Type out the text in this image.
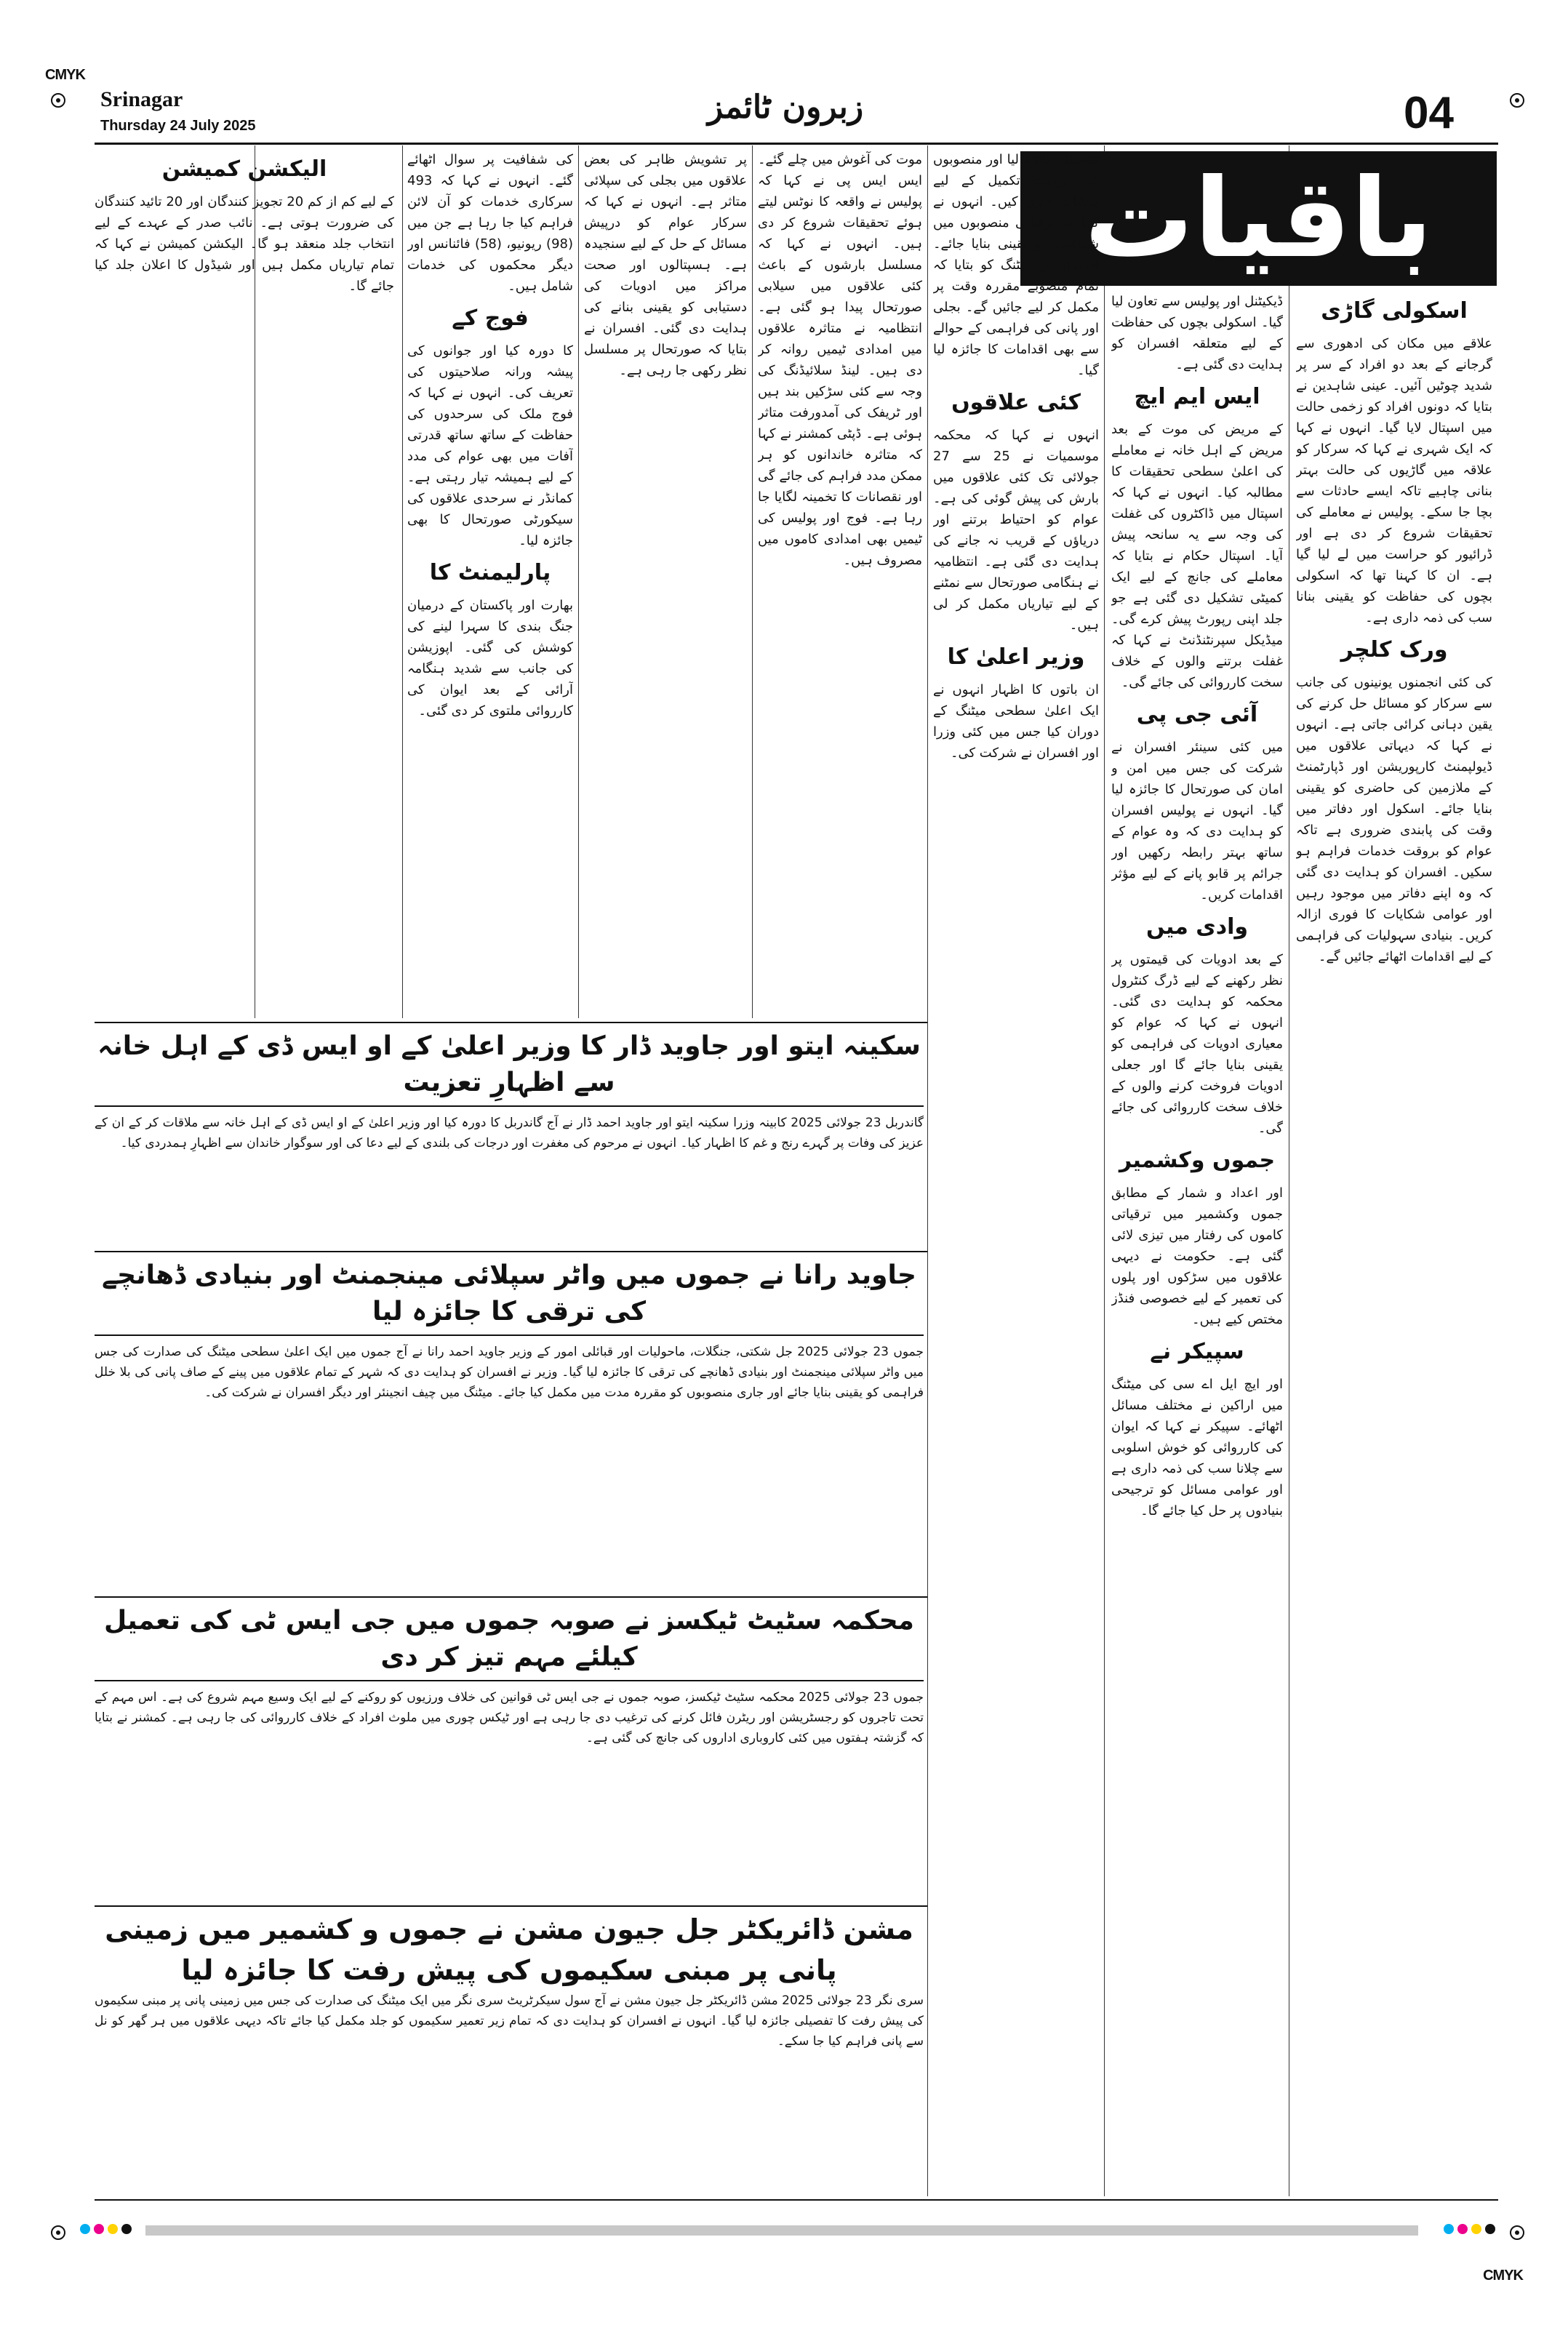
CMYK
CMYK
Srinagar
Thursday 24 July 2025	زبرون ٹائمز	04
باقیات
اسکولی گاڑی

علاقے میں مکان کی ادھوری سے گرجانے کے بعد دو افراد کے سر پر شدید چوٹیں آئیں۔ عینی شاہدین نے بتایا کہ دونوں افراد کو زخمی حالت میں اسپتال لایا گیا۔ انہوں نے کہا کہ ایک شہری نے کہا کہ سرکار کو علاقہ میں گاڑیوں کی حالت بہتر بنانی چاہیے تاکہ ایسے حادثات سے بچا جا سکے۔ پولیس نے معاملے کی تحقیقات شروع کر دی ہے اور ڈرائیور کو حراست میں لے لیا گیا ہے۔ ان کا کہنا تھا کہ اسکولی بچوں کی حفاظت کو یقینی بنانا سب کی ذمہ داری ہے۔

ورک کلچر

کی کئی انجمنوں یونینوں کی جانب سے سرکار کو مسائل حل کرنے کی یقین دہانی کرائی جاتی ہے۔ انہوں نے کہا کہ دیہاتی علاقوں میں ڈیولپمنٹ کارپوریشن اور ڈپارٹمنٹ کے ملازمین کی حاضری کو یقینی بنایا جائے۔ اسکول اور دفاتر میں وقت کی پابندی ضروری ہے تاکہ عوام کو بروقت خدمات فراہم ہو سکیں۔ افسران کو ہدایت دی گئی کہ وہ اپنے دفاتر میں موجود رہیں اور عوامی شکایات کا فوری ازالہ کریں۔ بنیادی سہولیات کی فراہمی کے لیے اقدامات اٹھائے جائیں گے۔

ڈیکیٹنل اور پولیس سے تعاون لیا گیا۔ اسکولی بچوں کی حفاظت کے لیے متعلقہ افسران کو ہدایت دی گئی ہے۔

ایس ایم ایچ

کے مریض کی موت کے بعد مریض کے اہل خانہ نے معاملے کی اعلیٰ سطحی تحقیقات کا مطالبہ کیا۔ انہوں نے کہا کہ اسپتال میں ڈاکٹروں کی غفلت کی وجہ سے یہ سانحہ پیش آیا۔ اسپتال حکام نے بتایا کہ معاملے کی جانچ کے لیے ایک کمیٹی تشکیل دی گئی ہے جو جلد اپنی رپورٹ پیش کرے گی۔ میڈیکل سپرنٹنڈنٹ نے کہا کہ غفلت برتنے والوں کے خلاف سخت کارروائی کی جائے گی۔

آئی جی پی

میں کئی سینئر افسران نے شرکت کی جس میں امن و امان کی صورتحال کا جائزہ لیا گیا۔ انہوں نے پولیس افسران کو ہدایت دی کہ وہ عوام کے ساتھ بہتر رابطہ رکھیں اور جرائم پر قابو پانے کے لیے مؤثر اقدامات کریں۔

وادی میں

کے بعد ادویات کی قیمتوں پر نظر رکھنے کے لیے ڈرگ کنٹرول محکمہ کو ہدایت دی گئی۔ انہوں نے کہا کہ عوام کو معیاری ادویات کی فراہمی کو یقینی بنایا جائے گا اور جعلی ادویات فروخت کرنے والوں کے خلاف سخت کارروائی کی جائے گی۔

جموں وکشمیر

اور اعداد و شمار کے مطابق جموں وکشمیر میں ترقیاتی کاموں کی رفتار میں تیزی لائی گئی ہے۔ حکومت نے دیہی علاقوں میں سڑکوں اور پلوں کی تعمیر کے لیے خصوصی فنڈز مختص کیے ہیں۔

سپیکر نے

اور ایچ ایل اے سی کی میٹنگ میں اراکین نے مختلف مسائل اٹھائے۔ سپیکر نے کہا کہ ایوان کی کارروائی کو خوش اسلوبی سے چلانا سب کی ذمہ داری ہے اور عوامی مسائل کو ترجیحی بنیادوں پر حل کیا جائے گا۔

تفصیلی جائزہ لیا اور منصوبوں کی بروقت تکمیل کے لیے ہدایات جاری کیں۔ انہوں نے کہا کہ ترقیاتی منصوبوں میں شفافیت کو یقینی بنایا جائے۔ افسران نے میٹنگ کو بتایا کہ تمام منصوبے مقررہ وقت پر مکمل کر لیے جائیں گے۔ بجلی اور پانی کی فراہمی کے حوالے سے بھی اقدامات کا جائزہ لیا گیا۔

کئی علاقوں

انہوں نے کہا کہ محکمہ موسمیات نے 25 سے 27 جولائی تک کئی علاقوں میں بارش کی پیش گوئی کی ہے۔ عوام کو احتیاط برتنے اور دریاؤں کے قریب نہ جانے کی ہدایت دی گئی ہے۔ انتظامیہ نے ہنگامی صورتحال سے نمٹنے کے لیے تیاریاں مکمل کر لی ہیں۔

وزیر اعلیٰ کا

ان باتوں کا اظہار انہوں نے ایک اعلیٰ سطحی میٹنگ کے دوران کیا جس میں کئی وزرا اور افسران نے شرکت کی۔

موت کی آغوش میں چلے گئے۔ ایس ایس پی نے کہا کہ پولیس نے واقعہ کا نوٹس لیتے ہوئے تحقیقات شروع کر دی ہیں۔ انہوں نے کہا کہ مسلسل بارشوں کے باعث کئی علاقوں میں سیلابی صورتحال پیدا ہو گئی ہے۔ انتظامیہ نے متاثرہ علاقوں میں امدادی ٹیمیں روانہ کر دی ہیں۔ لینڈ سلائیڈنگ کی وجہ سے کئی سڑکیں بند ہیں اور ٹریفک کی آمدورفت متاثر ہوئی ہے۔ ڈپٹی کمشنر نے کہا کہ متاثرہ خاندانوں کو ہر ممکن مدد فراہم کی جائے گی اور نقصانات کا تخمینہ لگایا جا رہا ہے۔ فوج اور پولیس کی ٹیمیں بھی امدادی کاموں میں مصروف ہیں۔

پر تشویش ظاہر کی بعض علاقوں میں بجلی کی سپلائی متاثر ہے۔ انہوں نے کہا کہ سرکار عوام کو درپیش مسائل کے حل کے لیے سنجیدہ ہے۔ ہسپتالوں اور صحت مراکز میں ادویات کی دستیابی کو یقینی بنانے کی ہدایت دی گئی۔ افسران نے بتایا کہ صورتحال پر مسلسل نظر رکھی جا رہی ہے۔

کی شفافیت پر سوال اٹھائے گئے۔ انہوں نے کہا کہ 493 سرکاری خدمات کو آن لائن فراہم کیا جا رہا ہے جن میں (98) ریونیو، (58) فائنانس اور دیگر محکموں کی خدمات شامل ہیں۔

فوج کے

کا دورہ کیا اور جوانوں کی پیشہ ورانہ صلاحیتوں کی تعریف کی۔ انہوں نے کہا کہ فوج ملک کی سرحدوں کی حفاظت کے ساتھ ساتھ قدرتی آفات میں بھی عوام کی مدد کے لیے ہمیشہ تیار رہتی ہے۔ کمانڈر نے سرحدی علاقوں کی سیکورٹی صورتحال کا بھی جائزہ لیا۔

پارلیمنٹ کا

بھارت اور پاکستان کے درمیان جنگ بندی کا سہرا لینے کی کوشش کی گئی۔ اپوزیشن کی جانب سے شدید ہنگامہ آرائی کے بعد ایوان کی کارروائی ملتوی کر دی گئی۔

الیکشن کمیشن

کے لیے کم از کم 20 تجویز کنندگان اور 20 تائید کنندگان کی ضرورت ہوتی ہے۔ نائب صدر کے عہدے کے لیے انتخاب جلد منعقد ہو گا۔ الیکشن کمیشن نے کہا کہ تمام تیاریاں مکمل ہیں اور شیڈول کا اعلان جلد کیا جائے گا۔

سکینہ ایتو اور جاوید ڈار کا وزیر اعلیٰ کے او ایس ڈی کے اہل خانہ سے اظہارِ تعزیت
گاندربل 23 جولائی 2025 کابینہ وزرا سکینہ ایتو اور جاوید احمد ڈار نے آج گاندربل کا دورہ کیا اور وزیر اعلیٰ کے او ایس ڈی کے اہل خانہ سے ملاقات کر کے ان کے عزیز کی وفات پر گہرے رنج و غم کا اظہار کیا۔ انہوں نے مرحوم کی مغفرت اور درجات کی بلندی کے لیے دعا کی اور سوگوار خاندان سے اظہارِ ہمدردی کیا۔
جاوید رانا نے جموں میں واٹر سپلائی مینجمنٹ اور بنیادی ڈھانچے کی ترقی کا جائزہ لیا
جموں 23 جولائی 2025 جل شکتی، جنگلات، ماحولیات اور قبائلی امور کے وزیر جاوید احمد رانا نے آج جموں میں ایک اعلیٰ سطحی میٹنگ کی صدارت کی جس میں واٹر سپلائی مینجمنٹ اور بنیادی ڈھانچے کی ترقی کا جائزہ لیا گیا۔ وزیر نے افسران کو ہدایت دی کہ شہر کے تمام علاقوں میں پینے کے صاف پانی کی بلا خلل فراہمی کو یقینی بنایا جائے اور جاری منصوبوں کو مقررہ مدت میں مکمل کیا جائے۔ میٹنگ میں چیف انجینئر اور دیگر افسران نے شرکت کی۔
محکمہ سٹیٹ ٹیکسز نے صوبہ جموں میں جی ایس ٹی کی تعمیل کیلئے مہم تیز کر دی
جموں 23 جولائی 2025 محکمہ سٹیٹ ٹیکسز، صوبہ جموں نے جی ایس ٹی قوانین کی خلاف ورزیوں کو روکنے کے لیے ایک وسیع مہم شروع کی ہے۔ اس مہم کے تحت تاجروں کو رجسٹریشن اور ریٹرن فائل کرنے کی ترغیب دی جا رہی ہے اور ٹیکس چوری میں ملوث افراد کے خلاف کارروائی کی جا رہی ہے۔ کمشنر نے بتایا کہ گزشتہ ہفتوں میں کئی کاروباری اداروں کی جانچ کی گئی ہے۔
مشن ڈائریکٹر جل جیون مشن نے جموں و کشمیر میں زمینی پانی پر مبنی سکیموں کی پیش رفت کا جائزہ لیا
سری نگر 23 جولائی 2025 مشن ڈائریکٹر جل جیون مشن نے آج سول سیکرٹریٹ سری نگر میں ایک میٹنگ کی صدارت کی جس میں زمینی پانی پر مبنی سکیموں کی پیش رفت کا تفصیلی جائزہ لیا گیا۔ انہوں نے افسران کو ہدایت دی کہ تمام زیر تعمیر سکیموں کو جلد مکمل کیا جائے تاکہ دیہی علاقوں میں ہر گھر کو نل سے پانی فراہم کیا جا سکے۔
